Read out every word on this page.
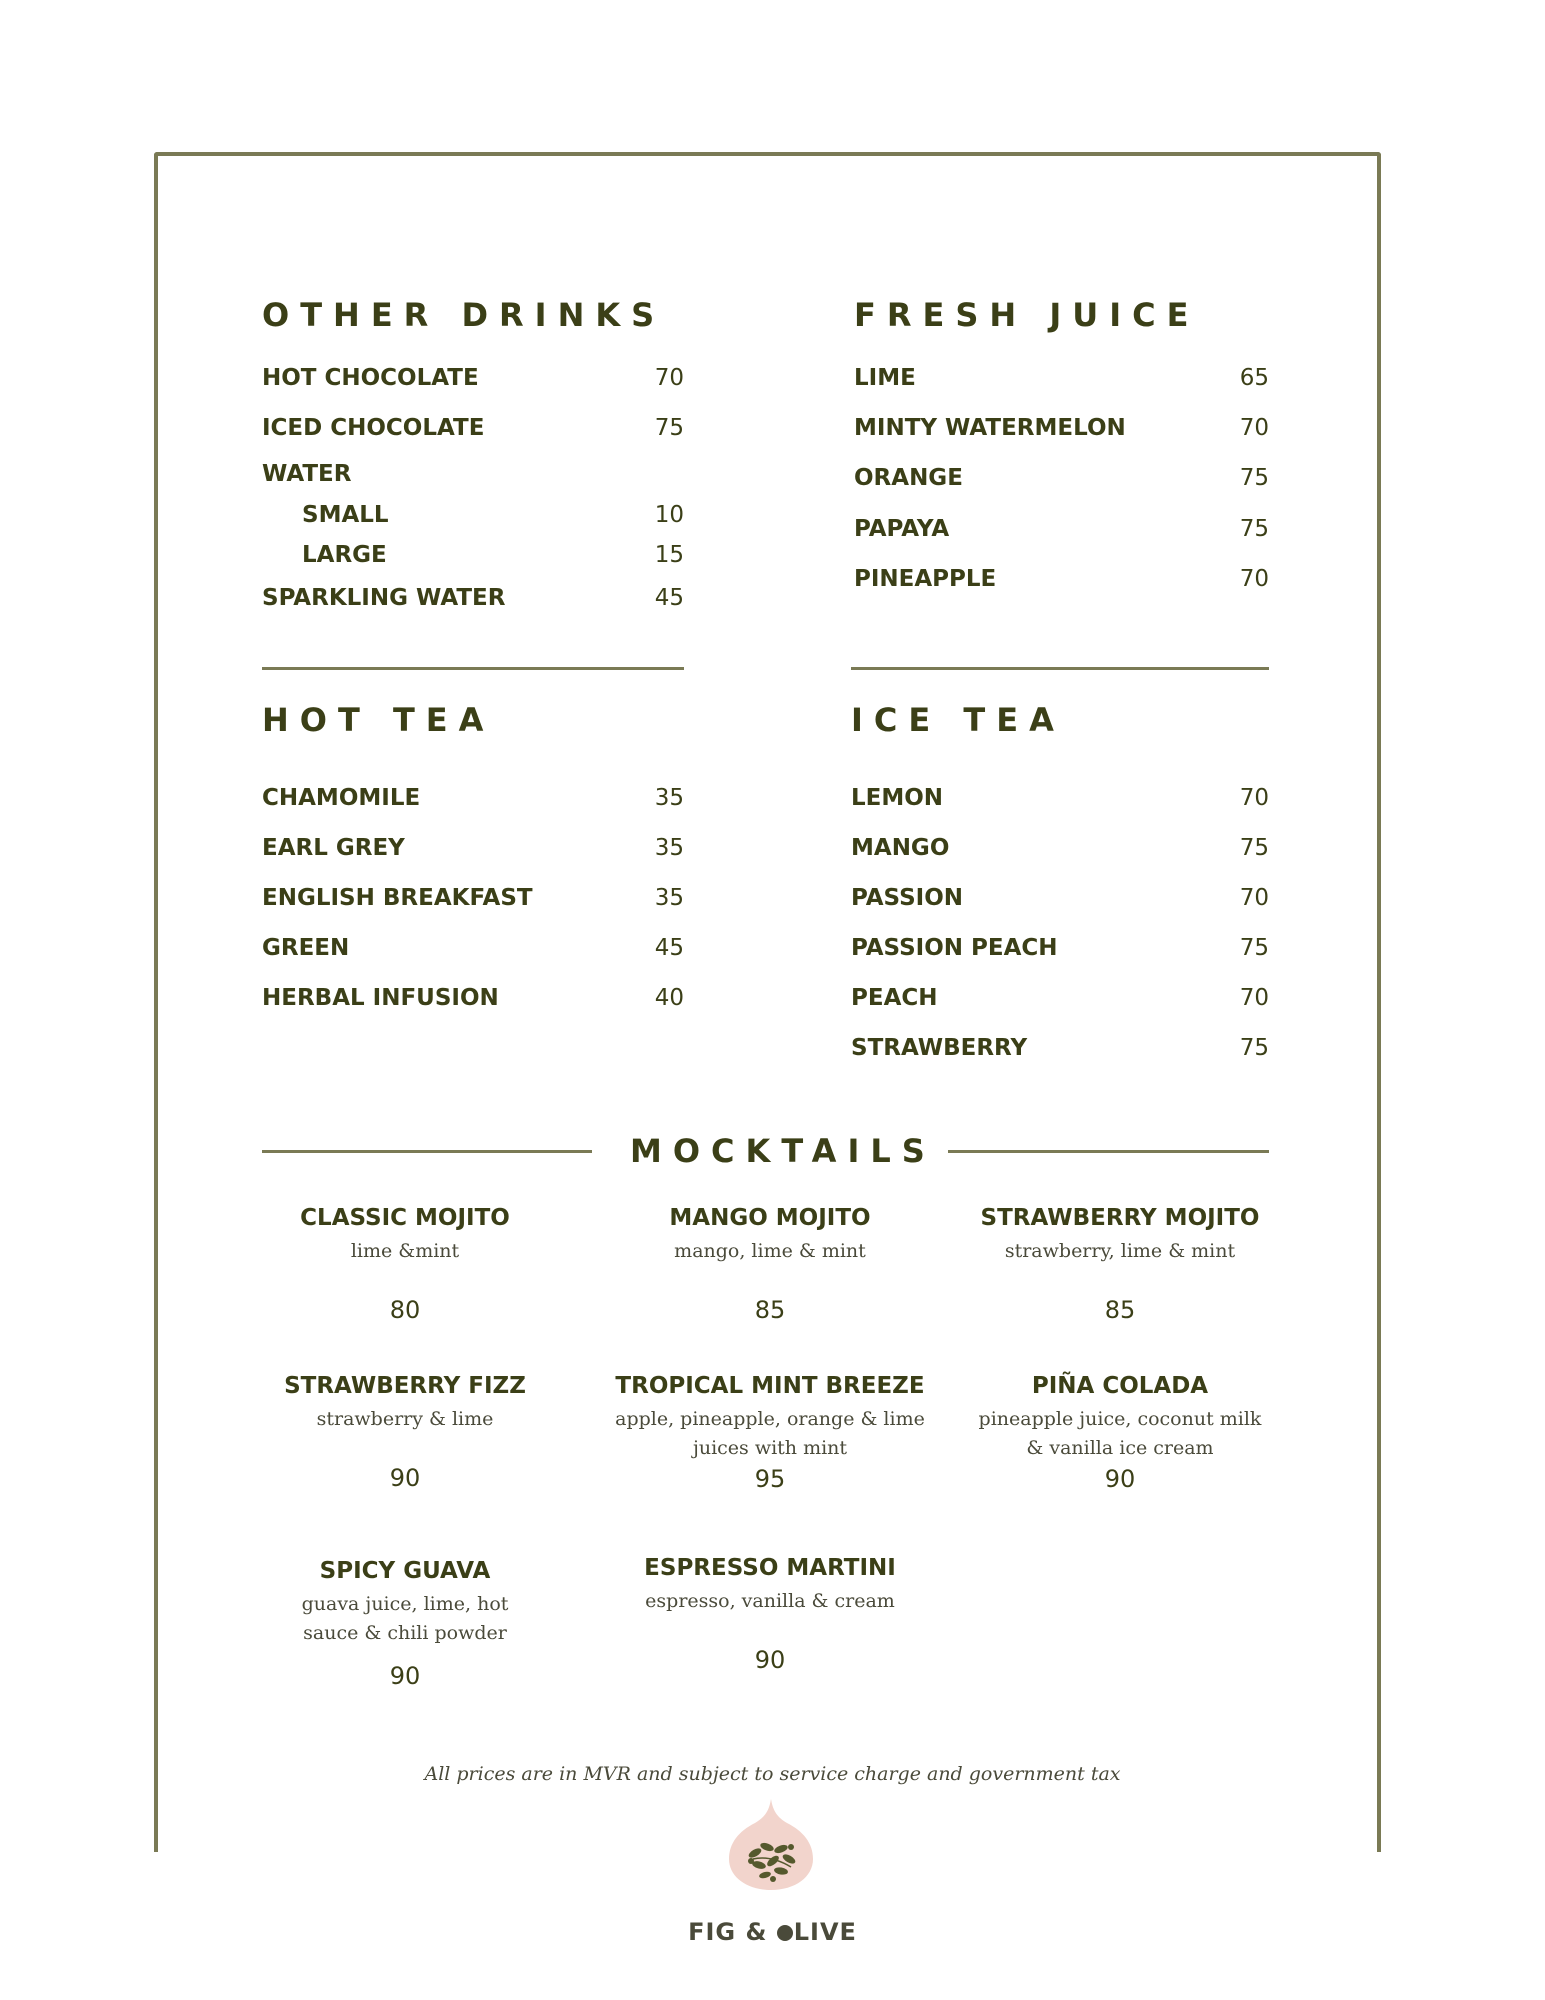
OTHER DRINKS
HOT CHOCOLATE	70
ICED CHOCOLATE	75
WATER
SMALL	10
LARGE	15
SPARKLING WATER	45
FRESH JUICE
LIME	65
MINTY WATERMELON	70
ORANGE	75
PAPAYA	75
PINEAPPLE	70
HOT TEA
CHAMOMILE	35
EARL GREY	35
ENGLISH BREAKFAST	35
GREEN	45
HERBAL INFUSION	40
ICE TEA
LEMON	70
MANGO	75
PASSION	70
PASSION PEACH	75
PEACH	70
STRAWBERRY	75
MOCKTAILS
CLASSIC MOJITO
lime &mint
80
MANGO MOJITO
mango, lime & mint
85
STRAWBERRY MOJITO
strawberry, lime & mint
85
STRAWBERRY FIZZ
strawberry & lime
90
TROPICAL MINT BREEZE
apple, pineapple, orange & lime
juices with mint
95
PIÑA COLADA
pineapple juice, coconut milk
& vanilla ice cream
90
SPICY GUAVA
guava juice, lime, hot
sauce & chili powder
90
ESPRESSO MARTINI
espresso, vanilla & cream
90
All prices are in MVR and subject to service charge and government tax
FIG & LIVE
